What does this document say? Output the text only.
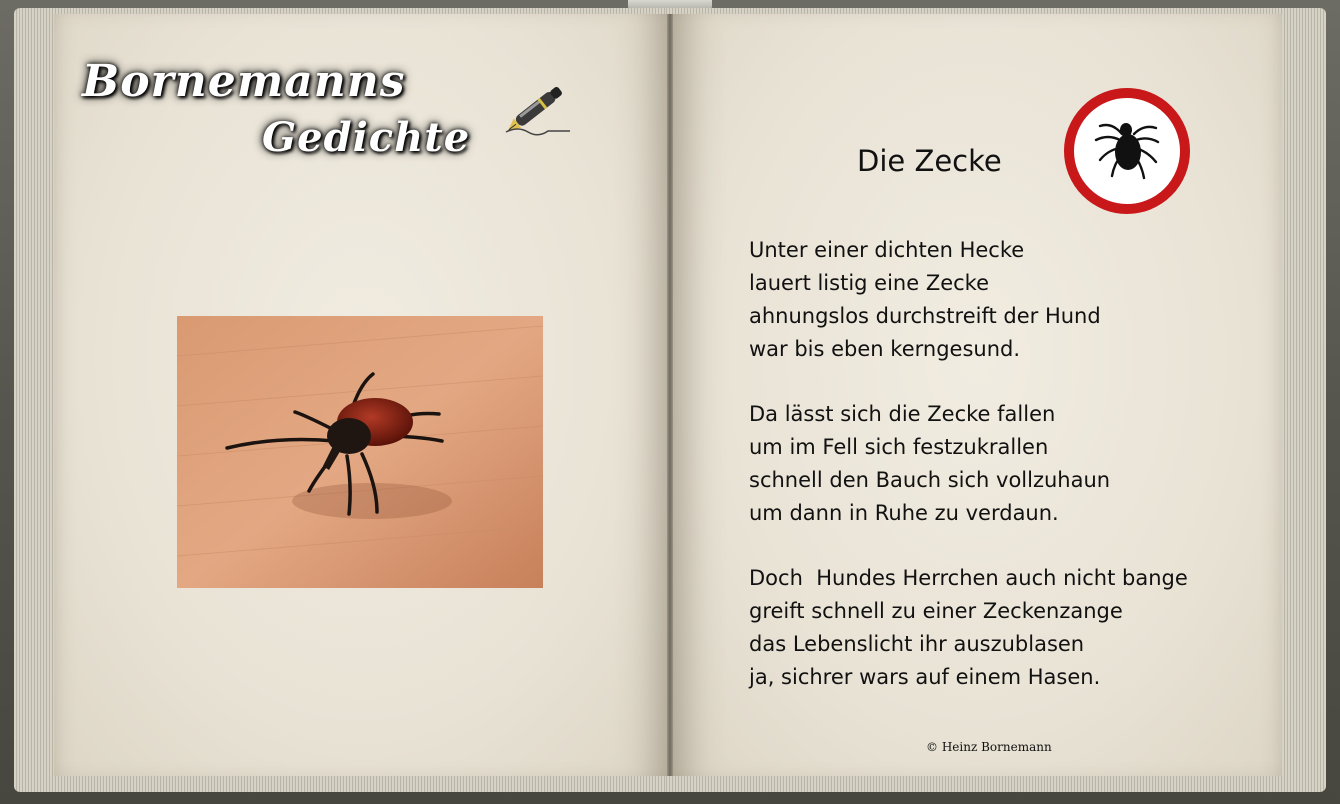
Bornemanns
Gedichte	Die Zecke
Unter einer dichten Hecke
lauert listig eine Zecke
ahnungslos durchstreift der Hund
war bis eben kerngesund.
Da lässt sich die Zecke fallen
um im Fell sich festzukrallen
schnell den Bauch sich vollzuhaun
um dann in Ruhe zu verdaun.
Doch  Hundes Herrchen auch nicht bange
greift schnell zu einer Zeckenzange
das Lebenslicht ihr auszublasen
ja, sichrer wars auf einem Hasen.
© Heinz Bornemann
